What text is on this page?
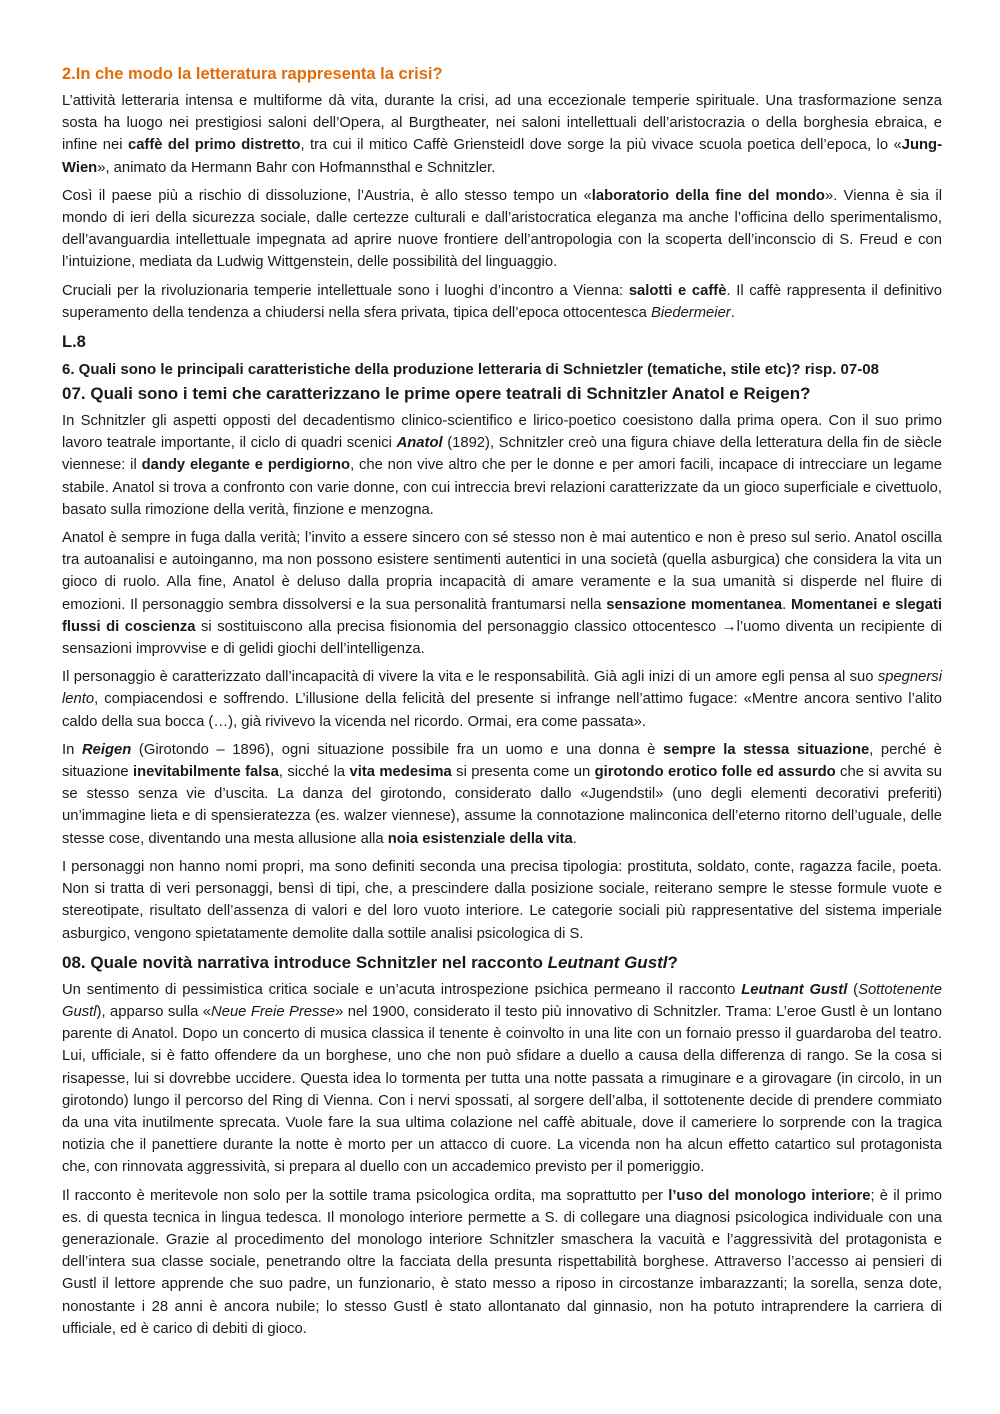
2.In che modo la letteratura rappresenta la crisi?

L’attività letteraria intensa e multiforme dà vita, durante la crisi, ad una eccezionale temperie spirituale. Una trasformazione senza sosta ha luogo nei prestigiosi saloni dell’Opera, al Burgtheater, nei saloni intellettuali dell’aristocrazia o della borghesia ebraica, e infine nei caffè del primo distretto, tra cui il mitico Caffè Griensteidl dove sorge la più vivace scuola poetica dell’epoca, lo «Jung-Wien», animato da Hermann Bahr con Hofmannsthal e Schnitzler.

Così il paese più a rischio di dissoluzione, l’Austria, è allo stesso tempo un «laboratorio della fine del mondo». Vienna è sia il mondo di ieri della sicurezza sociale, dalle certezze culturali e dall’aristocratica eleganza ma anche l’officina dello sperimentalismo, dell’avanguardia intellettuale impegnata ad aprire nuove frontiere dell’antropologia con la scoperta dell’inconscio di S. Freud e con l’intuizione, mediata da Ludwig Wittgenstein, delle possibilità del linguaggio.

Cruciali per la rivoluzionaria temperie intellettuale sono i luoghi d’incontro a Vienna: salotti e caffè. Il caffè rappresenta il definitivo superamento della tendenza a chiudersi nella sfera privata, tipica dell’epoca ottocentesca Biedermeier.

L.8
6. Quali sono le principali caratteristiche della produzione letteraria di Schnietzler (tematiche, stile etc)? risp. 07-08
07. Quali sono i temi che caratterizzano le prime opere teatrali di Schnitzler Anatol e Reigen?

In Schnitzler gli aspetti opposti del decadentismo clinico-scientifico e lirico-poetico coesistono dalla prima opera. Con il suo primo lavoro teatrale importante, il ciclo di quadri scenici Anatol (1892), Schnitzler creò una figura chiave della letteratura della fin de siècle viennese: il dandy elegante e perdigiorno, che non vive altro che per le donne e per amori facili, incapace di intrecciare un legame stabile. Anatol si trova a confronto con varie donne, con cui intreccia brevi relazioni caratterizzate da un gioco superficiale e civettuolo, basato sulla rimozione della verità, finzione e menzogna.

Anatol è sempre in fuga dalla verità; l’invito a essere sincero con sé stesso non è mai autentico e non è preso sul serio. Anatol oscilla tra autoanalisi e autoinganno, ma non possono esistere sentimenti autentici in una società (quella asburgica) che considera la vita un gioco di ruolo. Alla fine, Anatol è deluso dalla propria incapacità di amare veramente e la sua umanità si disperde nel fluire di emozioni. Il personaggio sembra dissolversi e la sua personalità frantumarsi nella sensazione momentanea. Momentanei e slegati flussi di coscienza si sostituiscono alla precisa fisionomia del personaggio classico ottocentesco →l’uomo diventa un recipiente di sensazioni improvvise e di gelidi giochi dell’intelligenza.

Il personaggio è caratterizzato dall’incapacità di vivere la vita e le responsabilità. Già agli inizi di un amore egli pensa al suo spegnersi lento, compiacendosi e soffrendo. L’illusione della felicità del presente si infrange nell’attimo fugace: «Mentre ancora sentivo l’alito caldo della sua bocca (…), già rivivevo la vicenda nel ricordo. Ormai, era come passata».

In Reigen (Girotondo – 1896), ogni situazione possibile fra un uomo e una donna è sempre la stessa situazione, perché è situazione inevitabilmente falsa, sicché la vita medesima si presenta come un girotondo erotico folle ed assurdo che si avvita su se stesso senza vie d’uscita. La danza del girotondo, considerato dallo «Jugendstil» (uno degli elementi decorativi preferiti) un’immagine lieta e di spensieratezza (es. walzer viennese), assume la connotazione malinconica dell’eterno ritorno dell’uguale, delle stesse cose, diventando una mesta allusione alla noia esistenziale della vita.

I personaggi non hanno nomi propri, ma sono definiti seconda una precisa tipologia: prostituta, soldato, conte, ragazza facile, poeta. Non si tratta di veri personaggi, bensì di tipi, che, a prescindere dalla posizione sociale, reiterano sempre le stesse formule vuote e stereotipate, risultato dell’assenza di valori e del loro vuoto interiore. Le categorie sociali più rappresentative del sistema imperiale asburgico, vengono spietatamente demolite dalla sottile analisi psicologica di S.

08. Quale novità narrativa introduce Schnitzler nel racconto Leutnant Gustl?

Un sentimento di pessimistica critica sociale e un’acuta introspezione psichica permeano il racconto Leutnant Gustl (Sottotenente Gustl), apparso sulla «Neue Freie Presse» nel 1900, considerato il testo più innovativo di Schnitzler. Trama: L’eroe Gustl è un lontano parente di Anatol. Dopo un concerto di musica classica il tenente è coinvolto in una lite con un fornaio presso il guardaroba del teatro. Lui, ufficiale, si è fatto offendere da un borghese, uno che non può sfidare a duello a causa della differenza di rango. Se la cosa si risapesse, lui si dovrebbe uccidere. Questa idea lo tormenta per tutta una notte passata a rimuginare e a girovagare (in circolo, in un girotondo) lungo il percorso del Ring di Vienna. Con i nervi spossati, al sorgere dell’alba, il sottotenente decide di prendere commiato da una vita inutilmente sprecata. Vuole fare la sua ultima colazione nel caffè abituale, dove il cameriere lo sorprende con la tragica notizia che il panettiere durante la notte è morto per un attacco di cuore. La vicenda non ha alcun effetto catartico sul protagonista che, con rinnovata aggressività, si prepara al duello con un accademico previsto per il pomeriggio.

Il racconto è meritevole non solo per la sottile trama psicologica ordita, ma soprattutto per l’uso del monologo interiore; è il primo es. di questa tecnica in lingua tedesca. Il monologo interiore permette a S. di collegare una diagnosi psicologica individuale con una generazionale. Grazie al procedimento del monologo interiore Schnitzler smaschera la vacuità e l’aggressività del protagonista e dell’intera sua classe sociale, penetrando oltre la facciata della presunta rispettabilità borghese. Attraverso l’accesso ai pensieri di Gustl il lettore apprende che suo padre, un funzionario, è stato messo a riposo in circostanze imbarazzanti; la sorella, senza dote, nonostante i 28 anni è ancora nubile; lo stesso Gustl è stato allontanato dal ginnasio, non ha potuto intraprendere la carriera di ufficiale, ed è carico di debiti di gioco.
